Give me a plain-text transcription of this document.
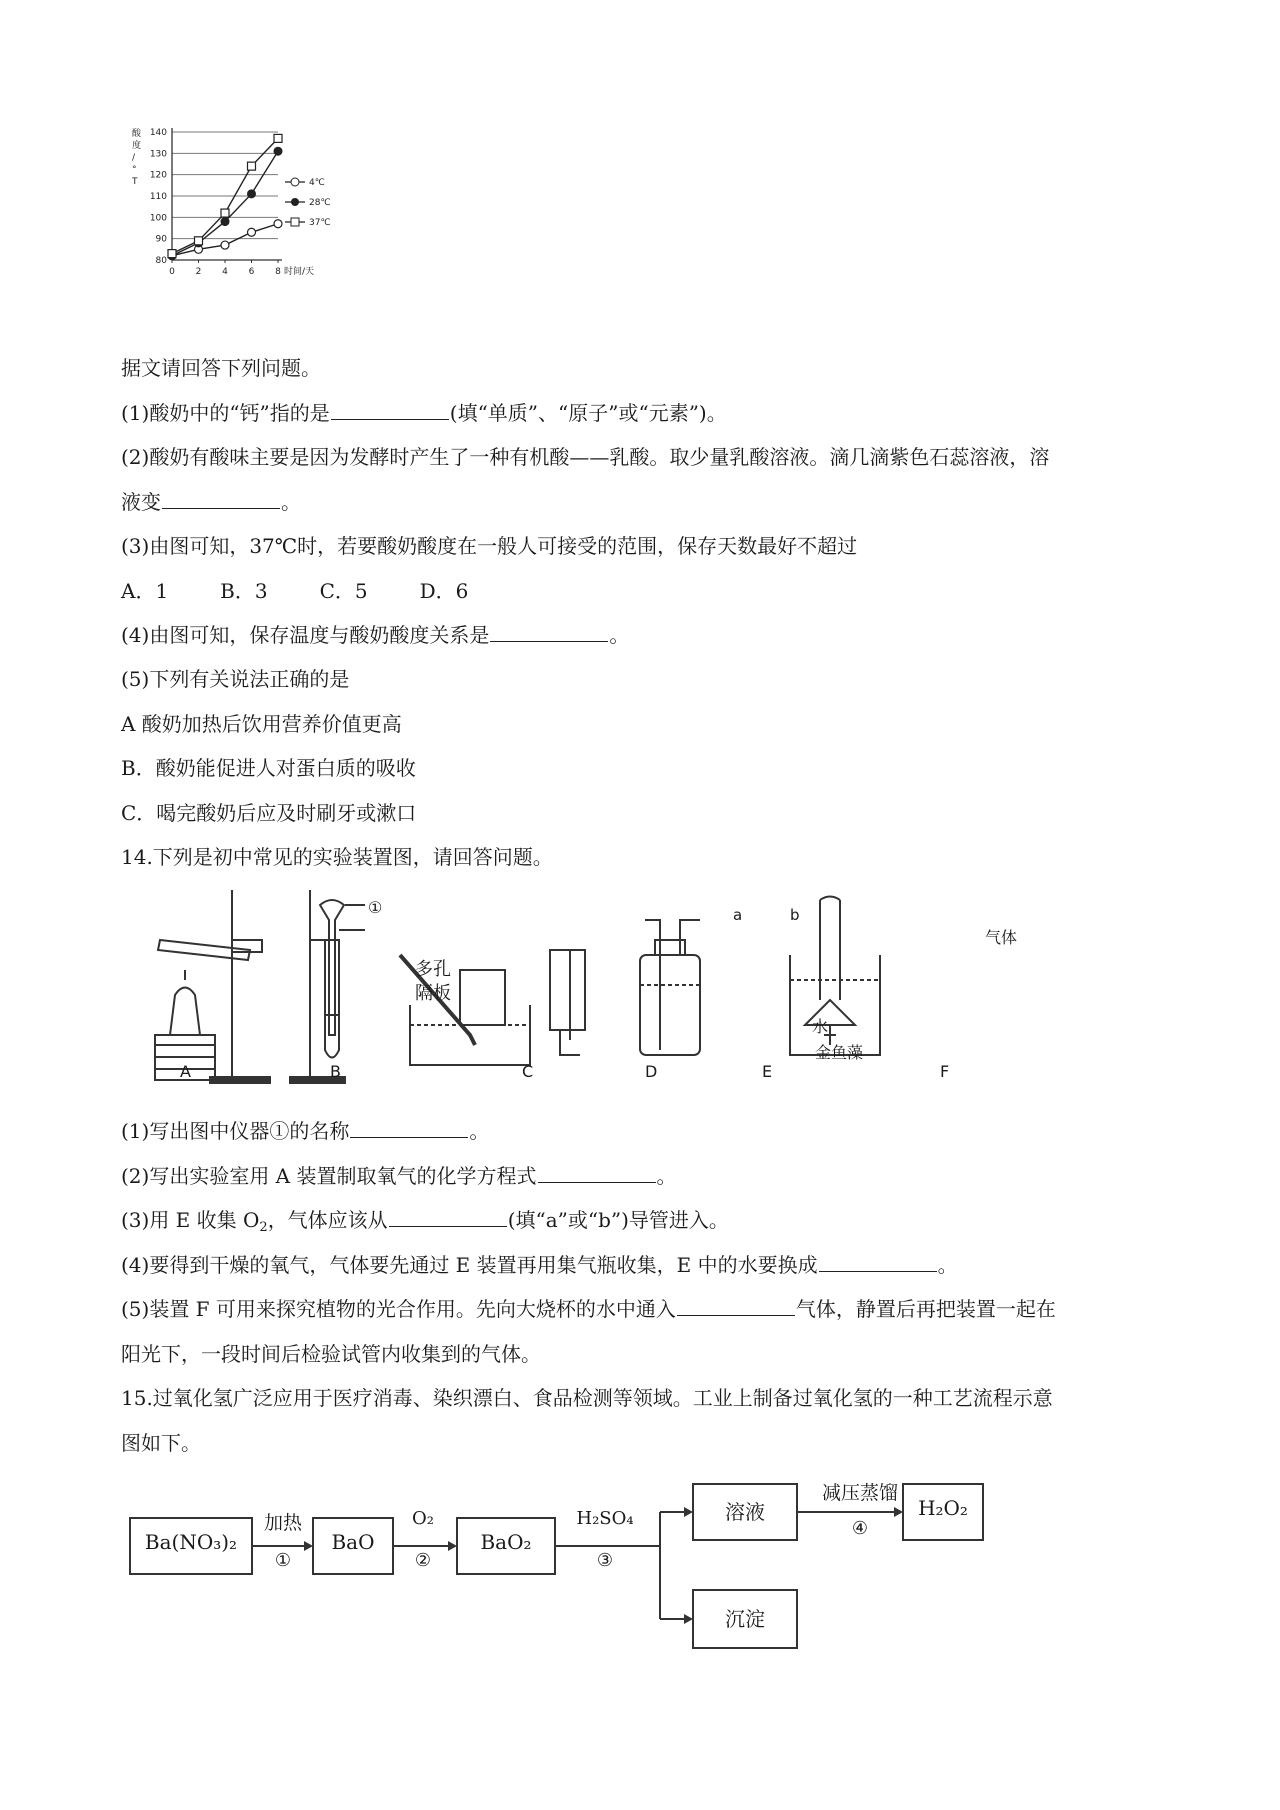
80
90
100
110
120
130
140
0 2 4 6 8 时间/天
酸度/ ° T	4℃
28℃
37℃
据文请回答下列问题。
(1)酸奶中的“钙”指的是	(填“单质”、“原子”或“元素”)。
(2)酸奶有酸味主要是因为发酵时产生了一种有机酸——乳酸。取少量乳酸溶液。滴几滴紫色石蕊溶液，溶
液变	。
(3)由图可知，37℃时，若要酸奶酸度在一般人可接受的范围，保存天数最好不超过
A．1	B．3	C．5	D．6
(4)由图可知，保存温度与酸奶酸度关系是	。
(5)下列有关说法正确的是
A 酸奶加热后饮用营养价值更高
B．酸奶能促进人对蛋白质的吸收
C．喝完酸奶后应及时刷牙或漱口
14.下列是初中常见的实验装置图，请回答问题。
A	B	C	D	E	F
①
多孔
隔板
a	b
水
金鱼藻
气体
(1)写出图中仪器①的名称	。
(2)写出实验室用 A 装置制取氧气的化学方程式	。
(3)用 E 收集 $O_2$，气体应该从	(填“a”或“b”)导管进入。
(4)要得到干燥的氧气，气体要先通过 E 装置再用集气瓶收集，E 中的水要换成	。
(5)装置 F 可用来探究植物的光合作用。先向大烧杯的水中通入	气体，静置后再把装置一起在
阳光下，一段时间后检验试管内收集到的气体。
15.过氧化氢广泛应用于医疗消毒、染织漂白、食品检测等领域。工业上制备过氧化氢的一种工艺流程示意
图如下。
Ba(NO₃)₂	BaO	BaO₂
溶液	H₂O₂
沉淀
加热
①
O₂
②
H₂SO₄
③
减压蒸馏
④
